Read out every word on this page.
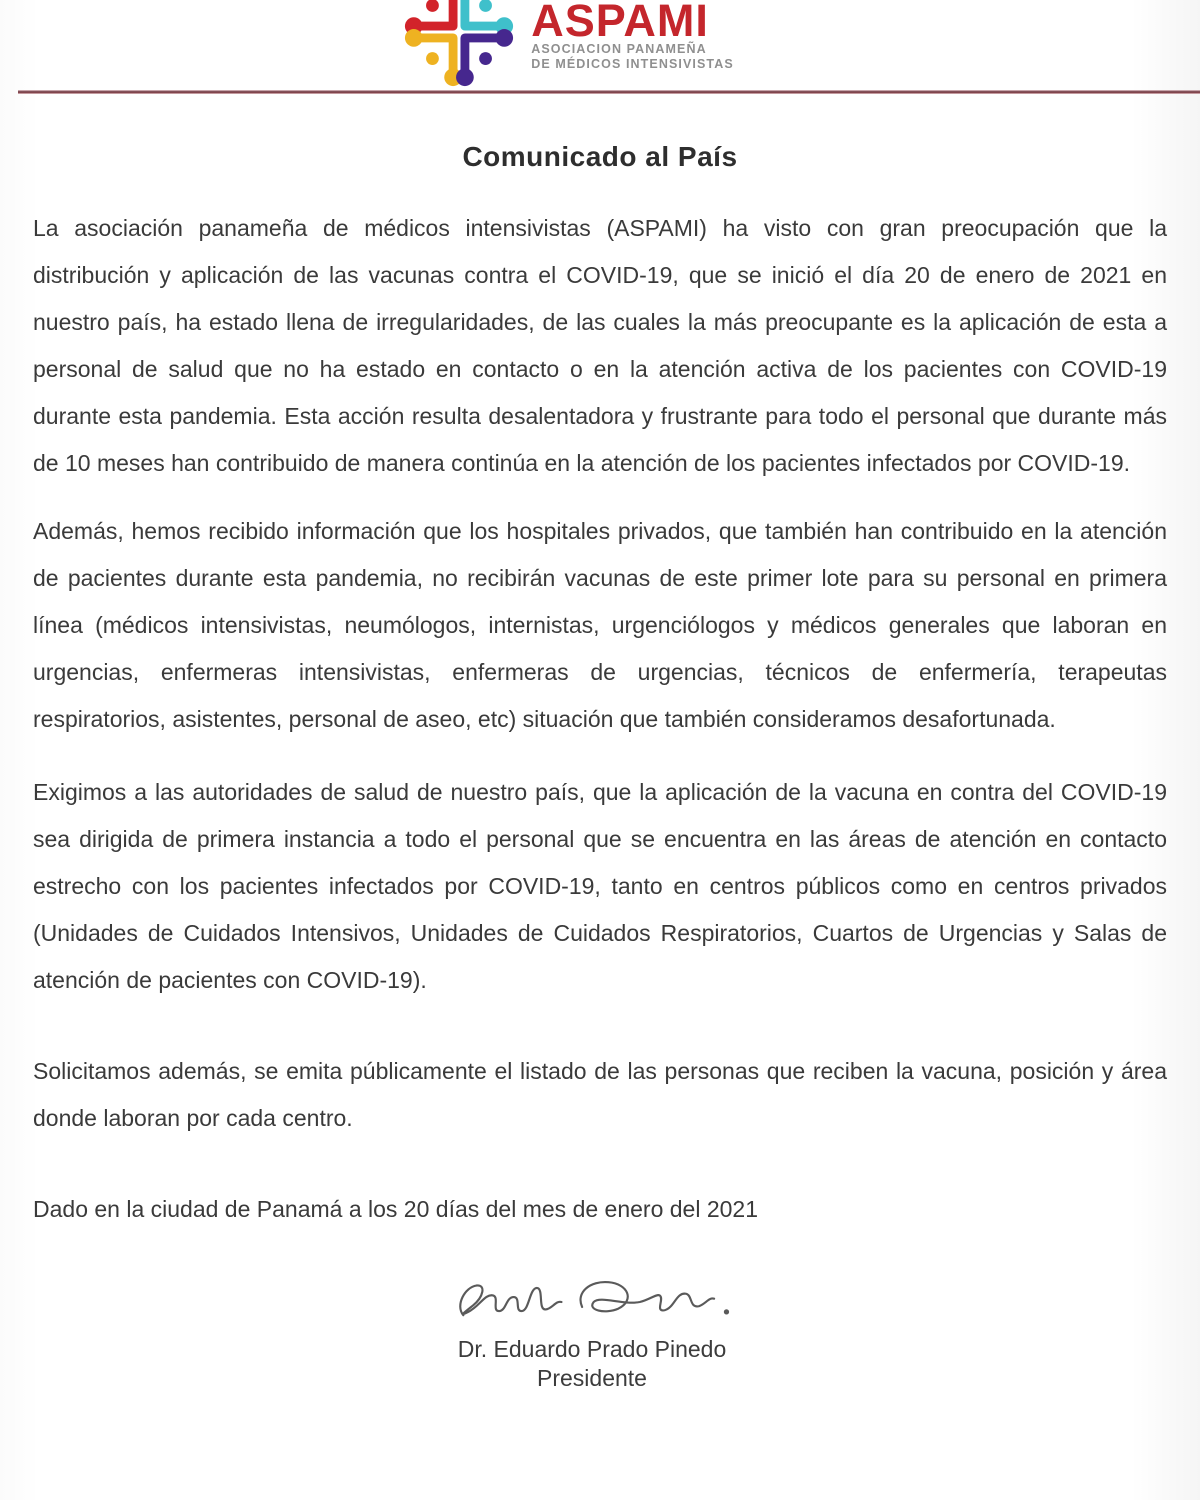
ASPAMI
ASOCIACION PANAMEÑA
DE MÉDICOS INTENSIVISTAS
Comunicado al País

La asociación panameña de médicos intensivistas (ASPAMI) ha visto con gran preocupación que la distribución y aplicación de las vacunas contra el COVID-19, que se inició el día 20 de enero de 2021 en nuestro país, ha estado llena de irregularidades, de las cuales la más preocupante es la aplicación de esta a personal de salud que no ha estado en contacto o en la atención activa de los pacientes con COVID-19 durante esta pandemia. Esta acción resulta desalentadora y frustrante para todo el personal que durante más de 10 meses han contribuido de manera continúa en la atención de los pacientes infectados por COVID-19.

Además, hemos recibido información que los hospitales privados, que también han contribuido en la atención de pacientes durante esta pandemia, no recibirán vacunas de este primer lote para su personal en primera línea (médicos intensivistas, neumólogos, internistas, urgenciólogos y médicos generales que laboran en urgencias, enfermeras intensivistas, enfermeras de urgencias, técnicos de enfermería, terapeutas respiratorios, asistentes, personal de aseo, etc) situación que también consideramos desafortunada.

Exigimos a las autoridades de salud de nuestro país, que la aplicación de la vacuna en contra del COVID-19 sea dirigida de primera instancia a todo el personal que se encuentra en las áreas de atención en contacto estrecho con los pacientes infectados por COVID-19, tanto en centros públicos como en centros privados (Unidades de Cuidados Intensivos, Unidades de Cuidados Respiratorios, Cuartos de Urgencias y Salas de atención de pacientes con COVID-19).

Solicitamos además, se emita públicamente el listado de las personas que reciben la vacuna, posición y área donde laboran por cada centro.

Dado en la ciudad de Panamá a los 20 días del mes de enero del 2021

Dr. Eduardo Prado Pinedo
Presidente
